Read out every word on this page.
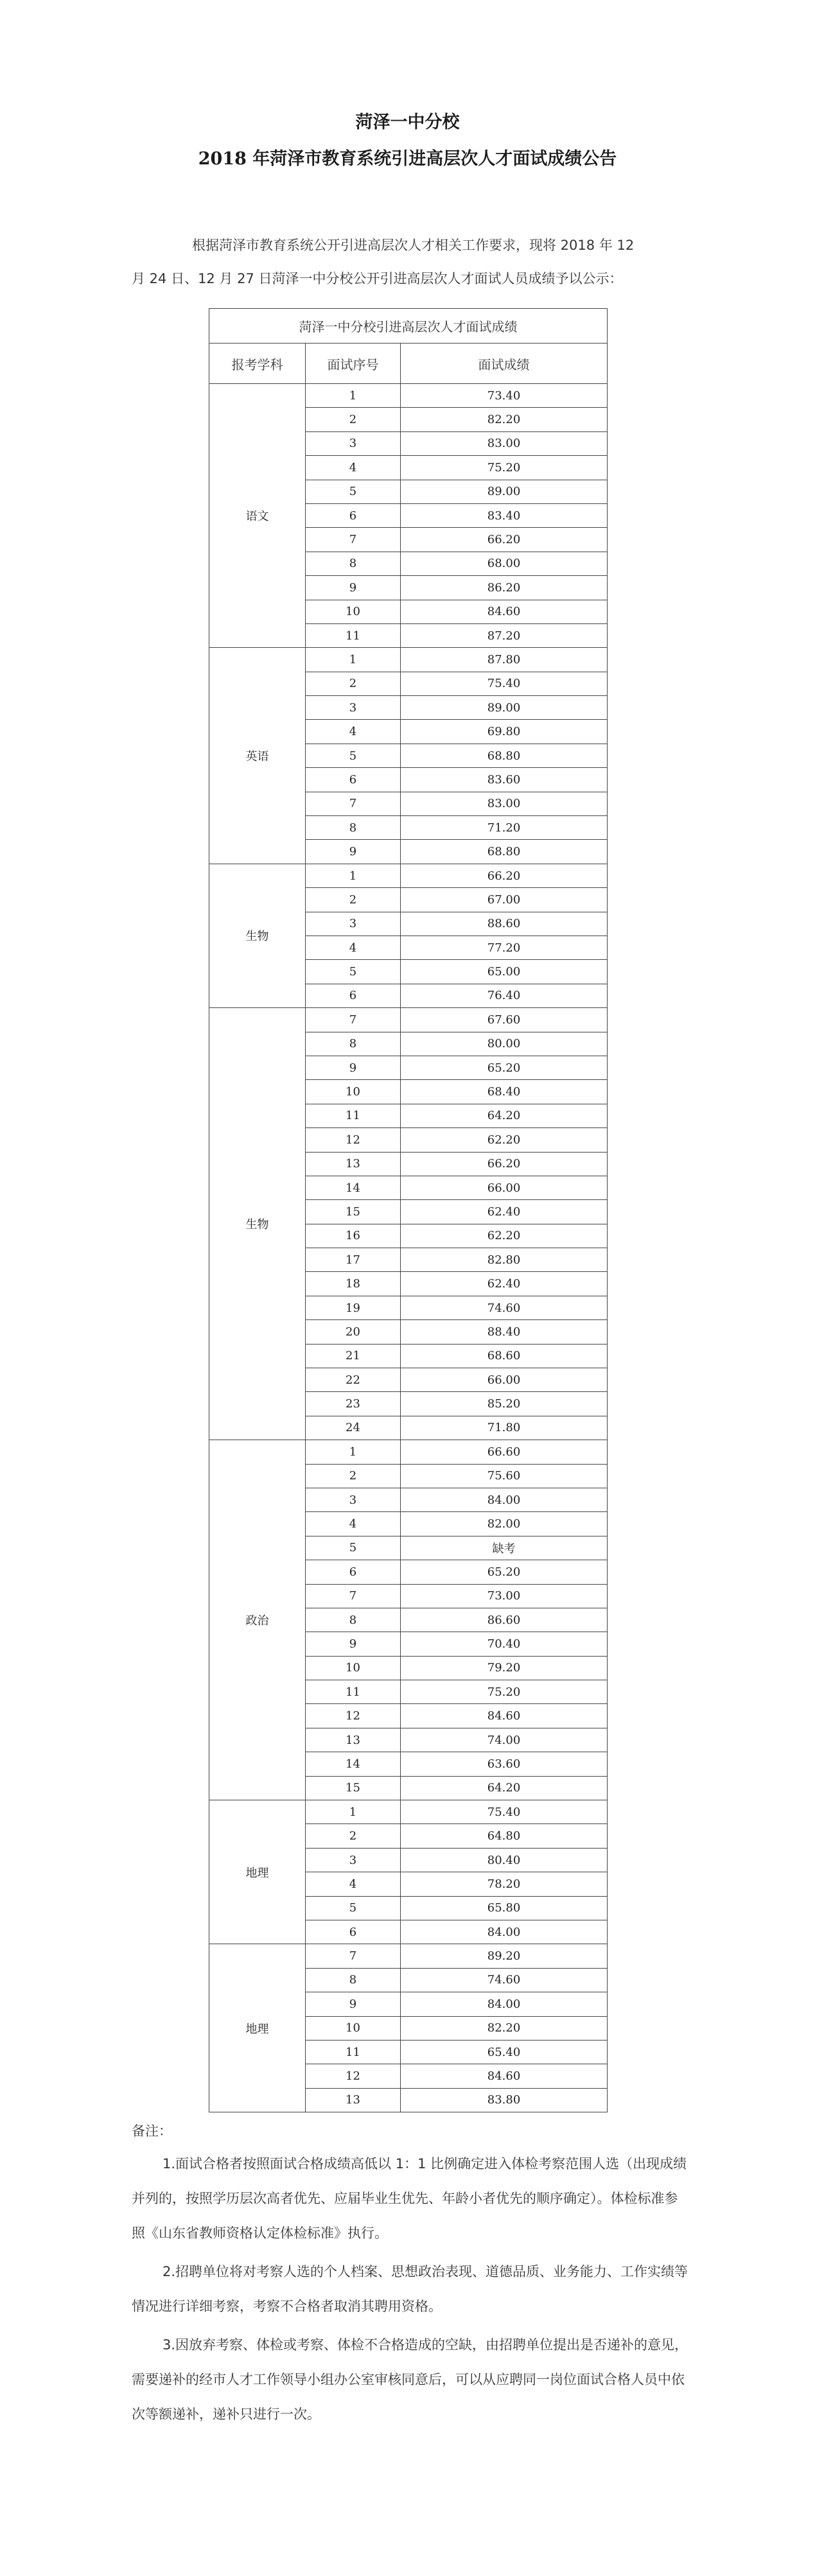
菏泽一中分校
2018 年菏泽市教育系统引进高层次人才面试成绩公告
根据菏泽市教育系统公开引进高层次人才相关工作要求，现将 2018 年 12
月 24 日、12 月 27 日菏泽一中分校公开引进高层次人才面试人员成绩予以公示：
菏泽一中分校引进高层次人才面试成绩		
报考学科	面试序号	面试成绩
语文	1	73.40
	2	82.20
	3	83.00
	4	75.20
	5	89.00
	6	83.40
	7	66.20
	8	68.00
	9	86.20
	10	84.60
	11	87.20
英语	1	87.80
	2	75.40
	3	89.00
	4	69.80
	5	68.80
	6	83.60
	7	83.00
	8	71.20
	9	68.80
生物	1	66.20
	2	67.00
	3	88.60
	4	77.20
	5	65.00
	6	76.40
生物	7	67.60
	8	80.00
	9	65.20
	10	68.40
	11	64.20
	12	62.20
	13	66.20
	14	66.00
	15	62.40
	16	62.20
	17	82.80
	18	62.40
	19	74.60
	20	88.40
	21	68.60
	22	66.00
	23	85.20
	24	71.80
政治	1	66.60
	2	75.60
	3	84.00
	4	82.00
	5	缺考
	6	65.20
	7	73.00
	8	86.60
	9	70.40
	10	79.20
	11	75.20
	12	84.60
	13	74.00
	14	63.60
	15	64.20
地理	1	75.40
	2	64.80
	3	80.40
	4	78.20
	5	65.80
	6	84.00
地理	7	89.20
	8	74.60
	9	84.00
	10	82.20
	11	65.40
	12	84.60
	13	83.80
备注：

1.面试合格者按照面试合格成绩高低以 1：1 比例确定进入体检考察范围人选（出现成绩并列的，按照学历层次高者优先、应届毕业生优先、年龄小者优先的顺序确定）。体检标准参照《山东省教师资格认定体检标准》执行。

2.招聘单位将对考察人选的个人档案、思想政治表现、道德品质、业务能力、工作实绩等情况进行详细考察，考察不合格者取消其聘用资格。

3.因放弃考察、体检或考察、体检不合格造成的空缺，由招聘单位提出是否递补的意见，需要递补的经市人才工作领导小组办公室审核同意后，可以从应聘同一岗位面试合格人员中依次等额递补，递补只进行一次。
